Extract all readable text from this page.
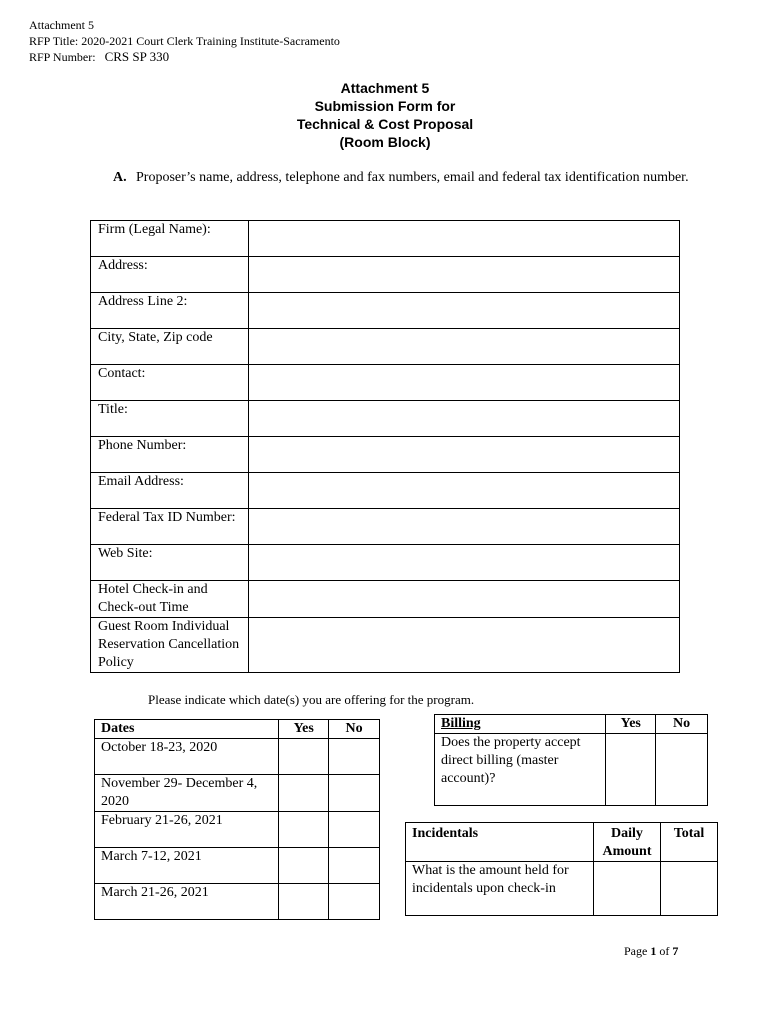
Attachment 5
RFP Title: 2020-2021 Court Clerk Training Institute-Sacramento
RFP Number: CRS SP 330
Attachment 5
Submission Form for
Technical & Cost Proposal
(Room Block)
A. Proposer’s name, address, telephone and fax numbers, email and federal tax identification number.
Firm (Legal Name):	
Address:	
Address Line 2:	
City, State, Zip code	
Contact:	
Title:	
Phone Number:	
Email Address:	
Federal Tax ID Number:	
Web Site:	
Hotel Check-in and Check-out Time	
Guest Room Individual Reservation Cancellation Policy	
Please indicate which date(s) you are offering for the program.
Dates	Yes	No
October 18-23, 2020		
November 29- December 4, 2020		
February 21-26, 2021		
March 7-12, 2021		
March 21-26, 2021		
Billing	Yes	No
Does the property accept direct billing (master account)?		
Incidentals	Daily Amount	Total
What is the amount held for incidentals upon check-in		
Page 1 of 7
